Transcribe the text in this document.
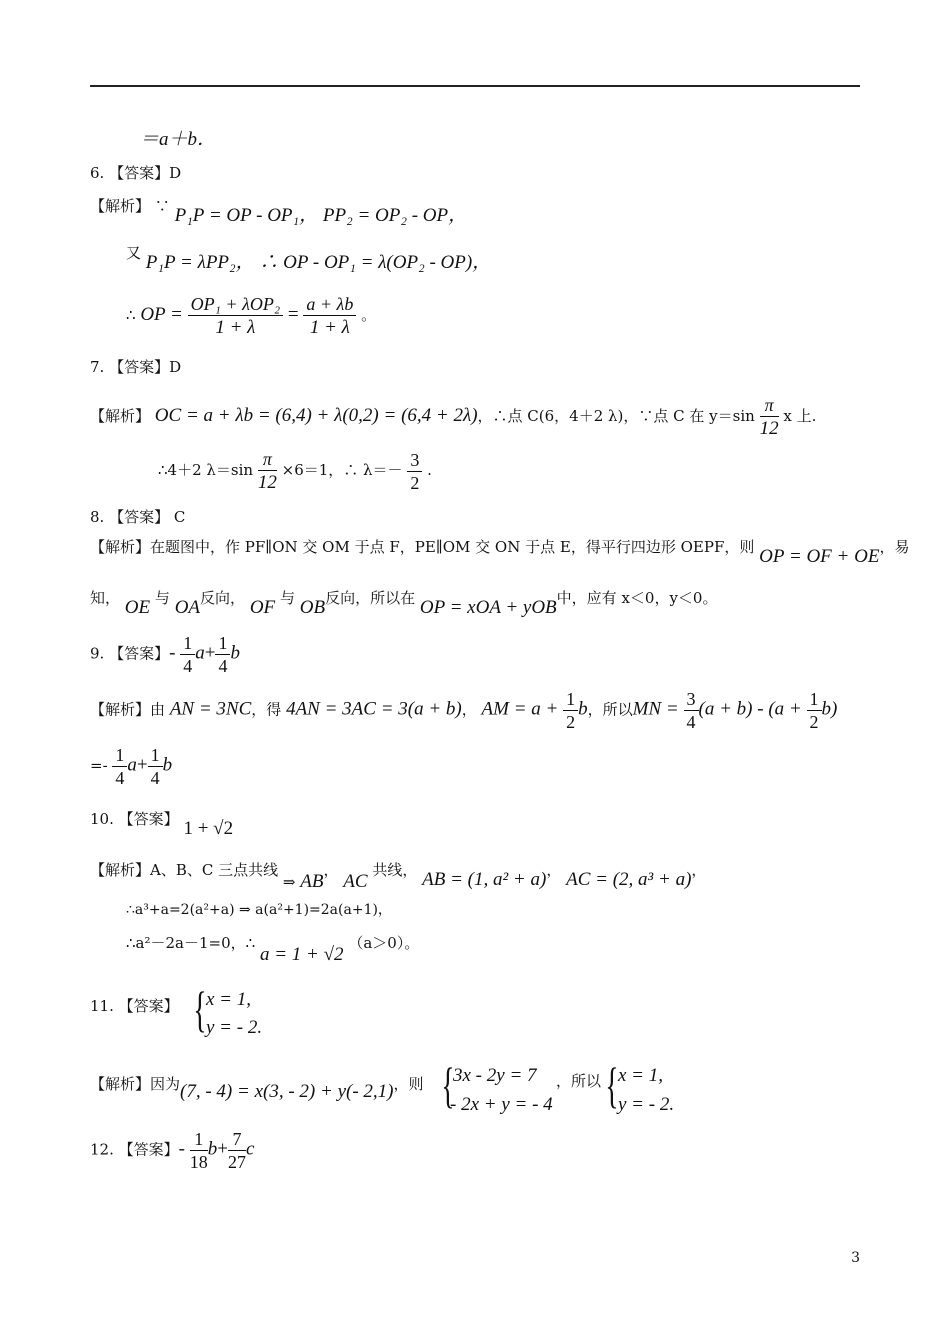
＝a＋b．
6. 【答案】D
【解析】 ∵ P₁P = OP - OP₁， PP₂ = OP₂ - OP，
又 P₁P = λPP₂， ∴ OP - OP₁ = λ(OP₂ - OP)，
∴ OP = $\frac{\text{OP₁ + λOP₂}}{1 + \lambda} = \frac{a + \lambda b}{1 + \lambda}$ 。
7. 【答案】D
【解析】 OC = a + λb = (6,4) + λ(0,2) = (6,4 + 2λ)，∴点 C(6，4＋2 λ)，∵点 C 在 $y=\sin \frac{\pi}{12}$ x 上.
∴4＋2 $\lambda=\sin \frac{\pi}{12} \times 6=1$，∴ $\lambda=- \frac{3}{2}$ .
8. 【答案】 C
【解析】在题图中，作 PF∥ON 交 OM 于点 F，PE∥OM 交 ON 于点 E，得平行四边形 OEPF，则 OP = OF + OE，易
知， OE 与 OA反向， OF 与 OB反向，所以在 OP = xOA + yOB中，应有 x＜0，y＜0。
9. 【答案】- $\frac{1}{4} a+ \frac{1}{4}$ b
【解析】由 AN = 3NC，得 4AN = 3AC = 3(a + b)， AM = $a + \frac{1}{2}$ b，所以MN = $\frac{3}{4} (a + b) - (a + \frac{1}{2} b)$
=- $\frac{1}{4} a+ \frac{1}{4}$ b
10. 【答案】 1 + √2
【解析】A、B、C 三点共线 ⇒ AB， AC 共线， AB = (1, a² + a)， AC = (2, a³ + a)，
∴a³+a=2(a²+a) ⇒ a(a²+1)=2a(a+1)，
∴a²－2a－1=0，∴ a = 1 + √2 （a＞0）。
11. 【答案】 { x = 1,
y = - 2.
【解析】因为(7, - 4) = x(3, - 2) + y(- 2,1)，则 {
3x - 2y = 7
- 2x + y = - 4
，所以 { x = 1,
y = - 2.
12. 【答案】- $\frac{1}{18} b+ \frac{7}{27}$ c
3
